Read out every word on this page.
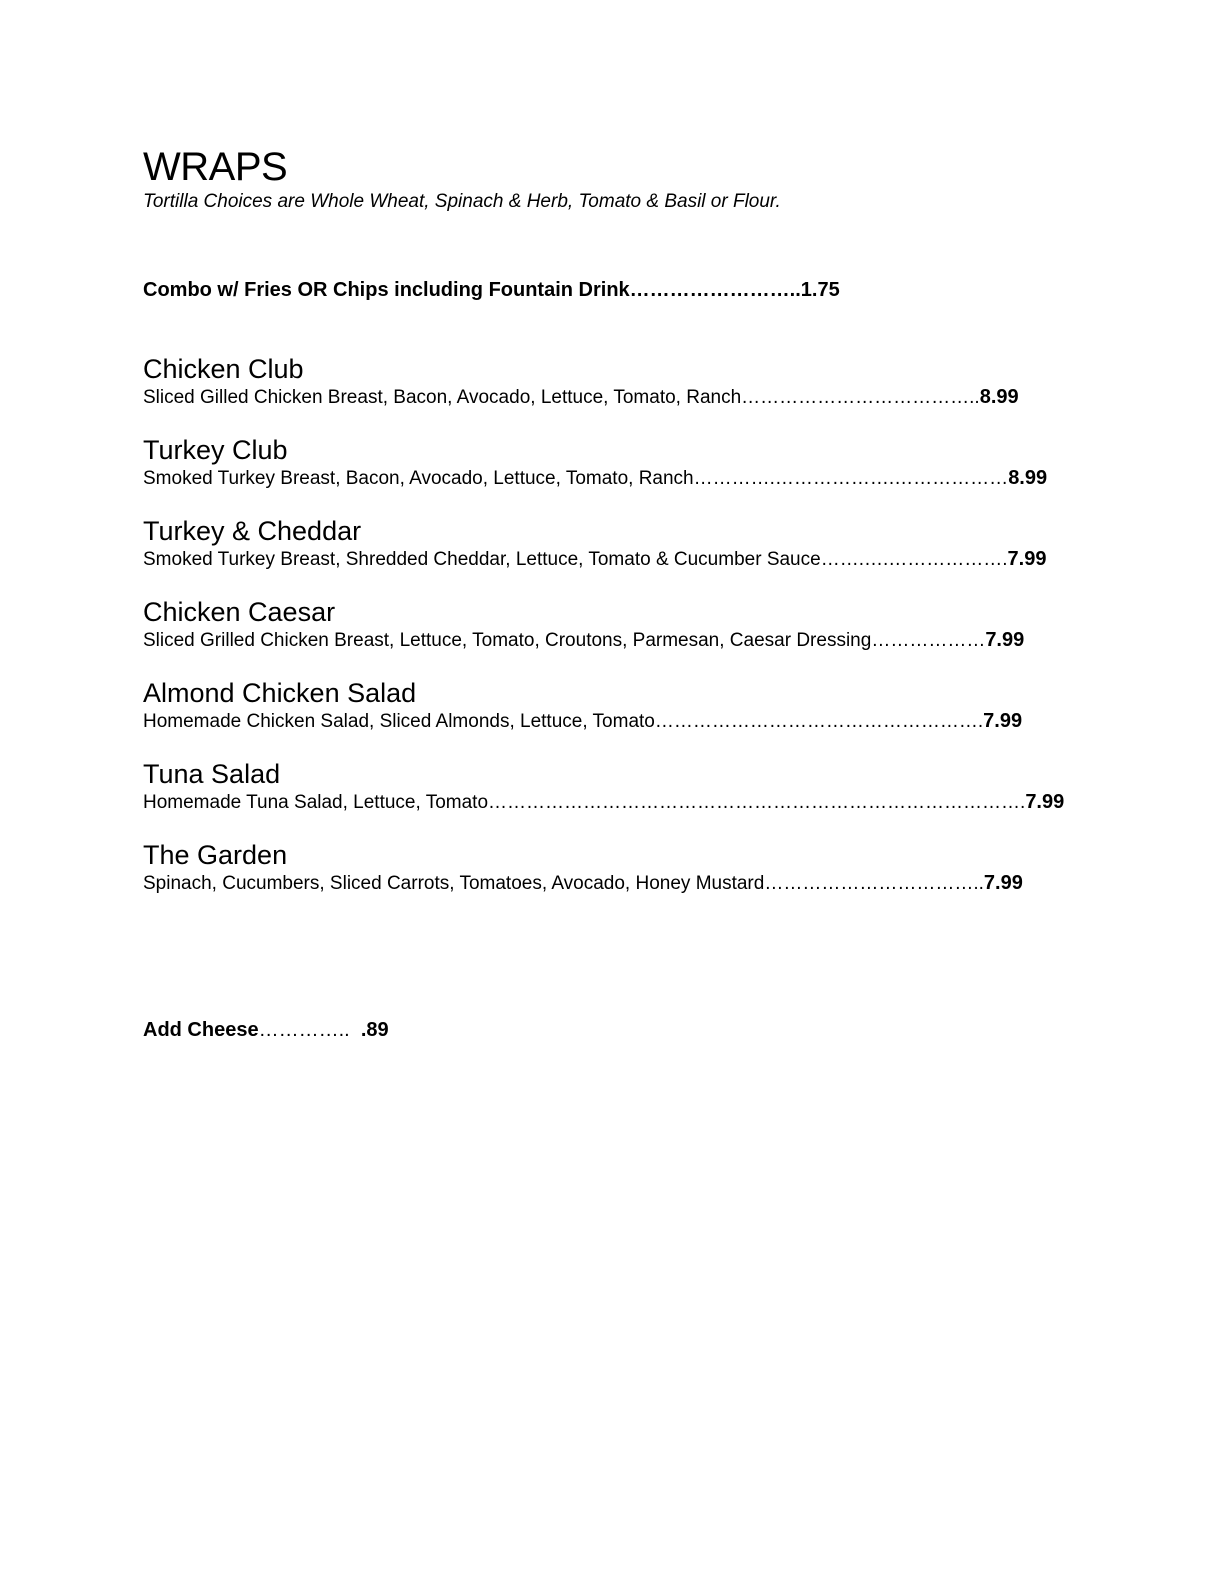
WRAPS
Tortilla Choices are Whole Wheat, Spinach & Herb, Tomato & Basil or Flour.
Combo w/ Fries OR Chips including Fountain Drink……………………..1.75
Chicken Club
Sliced Gilled Chicken Breast, Bacon, Avocado, Lettuce, Tomato, Ranch………………………………..8.99
Turkey Club
Smoked Turkey Breast, Bacon, Avocado, Lettuce, Tomato, Ranch………….……………….………………8.99
Turkey & Cheddar
Smoked Turkey Breast, Shredded Cheddar, Lettuce, Tomato & Cucumber Sauce…….….……………….7.99
Chicken Caesar
Sliced Grilled Chicken Breast, Lettuce, Tomato, Croutons, Parmesan, Caesar Dressing………………7.99
Almond Chicken Salad
Homemade Chicken Salad, Sliced Almonds, Lettuce, Tomato…………………………………………….7.99
Tuna Salad
Homemade Tuna Salad, Lettuce, Tomato………………………………………………………………………….7.99
The Garden
Spinach, Cucumbers, Sliced Carrots, Tomatoes, Avocado, Honey Mustard……………………………..7.99
Add Cheese………….. .89
